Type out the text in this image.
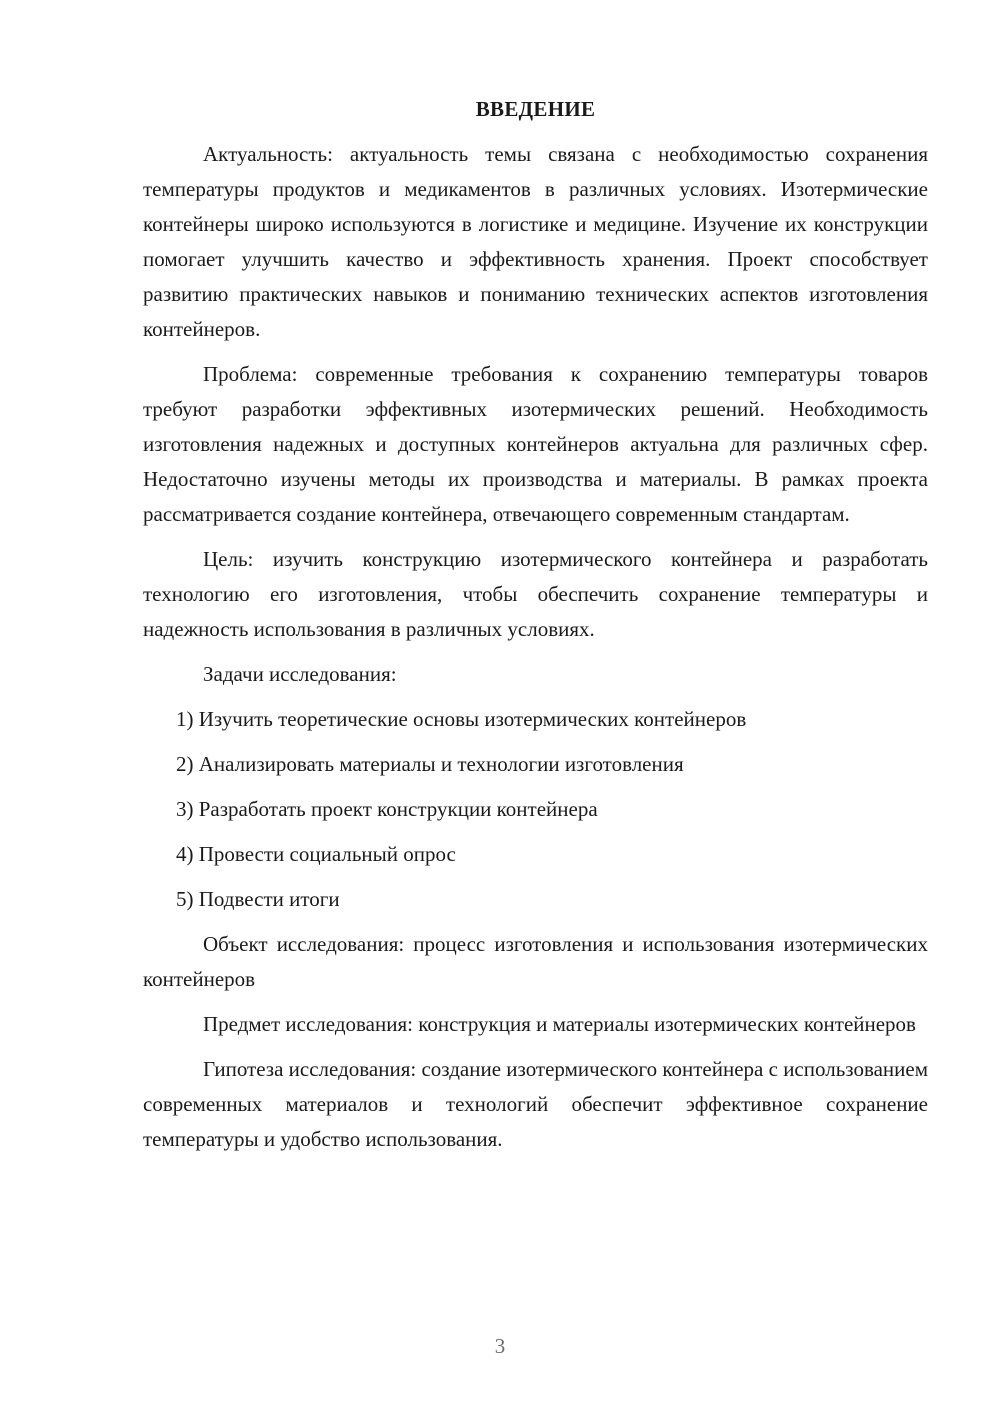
ВВЕДЕНИЕ

Актуальность: актуальность темы связана с необходимостью сохранения температуры продуктов и медикаментов в различных условиях. Изотермические контейнеры широко используются в логистике и медицине. Изучение их конструкции помогает улучшить качество и эффективность хранения. Проект способствует развитию практических навыков и пониманию технических аспектов изготовления контейнеров.

Проблема: современные требования к сохранению температуры товаров требуют разработки эффективных изотермических решений. Необходимость изготовления надежных и доступных контейнеров актуальна для различных сфер. Недостаточно изучены методы их производства и материалы. В рамках проекта рассматривается создание контейнера, отвечающего современным стандартам.

Цель: изучить конструкцию изотермического контейнера и разработать технологию его изготовления, чтобы обеспечить сохранение температуры и надежность использования в различных условиях.

Задачи исследования:

1) Изучить теоретические основы изотермических контейнеров
2) Анализировать материалы и технологии изготовления
3) Разработать проект конструкции контейнера
4) Провести социальный опрос
5) Подвести итоги

Объект исследования: процесс изготовления и использования изотермических контейнеров

Предмет исследования: конструкция и материалы изотермических контейнеров

Гипотеза исследования: создание изотермического контейнера с использованием современных материалов и технологий обеспечит эффективное сохранение температуры и удобство использования.

3
